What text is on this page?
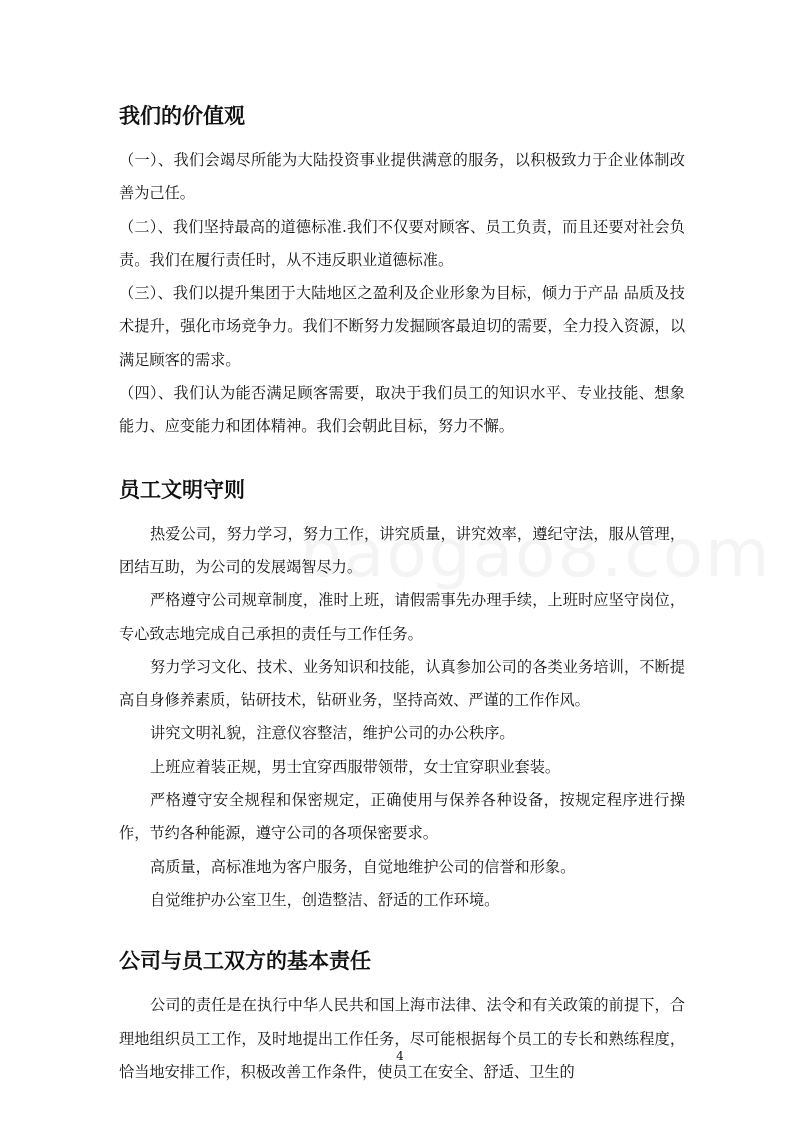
我们的价值观

（一）、我们会竭尽所能为大陆投资事业提供满意的服务，以积极致力于企业体制改善为己任。

（二）、我们坚持最高的道德标准.我们不仅要对顾客、员工负责，而且还要对社会负责。我们在履行责任时，从不违反职业道德标准。

（三）、我们以提升集团于大陆地区之盈利及企业形象为目标，倾力于产品 品质及技术提升，强化市场竞争力。我们不断努力发掘顾客最迫切的需要，全力投入资源，以满足顾客的需求。

（四）、我们认为能否满足顾客需要，取决于我们员工的知识水平、专业技能、想象能力、应变能力和团体精神。我们会朝此目标，努力不懈。

员工文明守则

热爱公司，努力学习，努力工作，讲究质量，讲究效率，遵纪守法，服从管理，团结互助，为公司的发展竭智尽力。

严格遵守公司规章制度，准时上班，请假需事先办理手续，上班时应坚守岗位，专心致志地完成自己承担的责任与工作任务。

努力学习文化、技术、业务知识和技能，认真参加公司的各类业务培训，不断提高自身修养素质，钻研技术，钻研业务，坚持高效、严谨的工作作风。

讲究文明礼貌，注意仪容整洁，维护公司的办公秩序。

上班应着装正规，男士宜穿西服带领带，女士宜穿职业套装。

严格遵守安全规程和保密规定，正确使用与保养各种设备，按规定程序进行操作，节约各种能源，遵守公司的各项保密要求。

高质量，高标准地为客户服务，自觉地维护公司的信誉和形象。

自觉维护办公室卫生，创造整洁、舒适的工作环境。

公司与员工双方的基本责任

公司的责任是在执行中华人民共和国上海市法律、法令和有关政策的前提下，合理地组织员工工作，及时地提出工作任务，尽可能根据每个员工的专长和熟练程度，恰当地安排工作，积极改善工作条件，使员工在安全、舒适、卫生的

4
